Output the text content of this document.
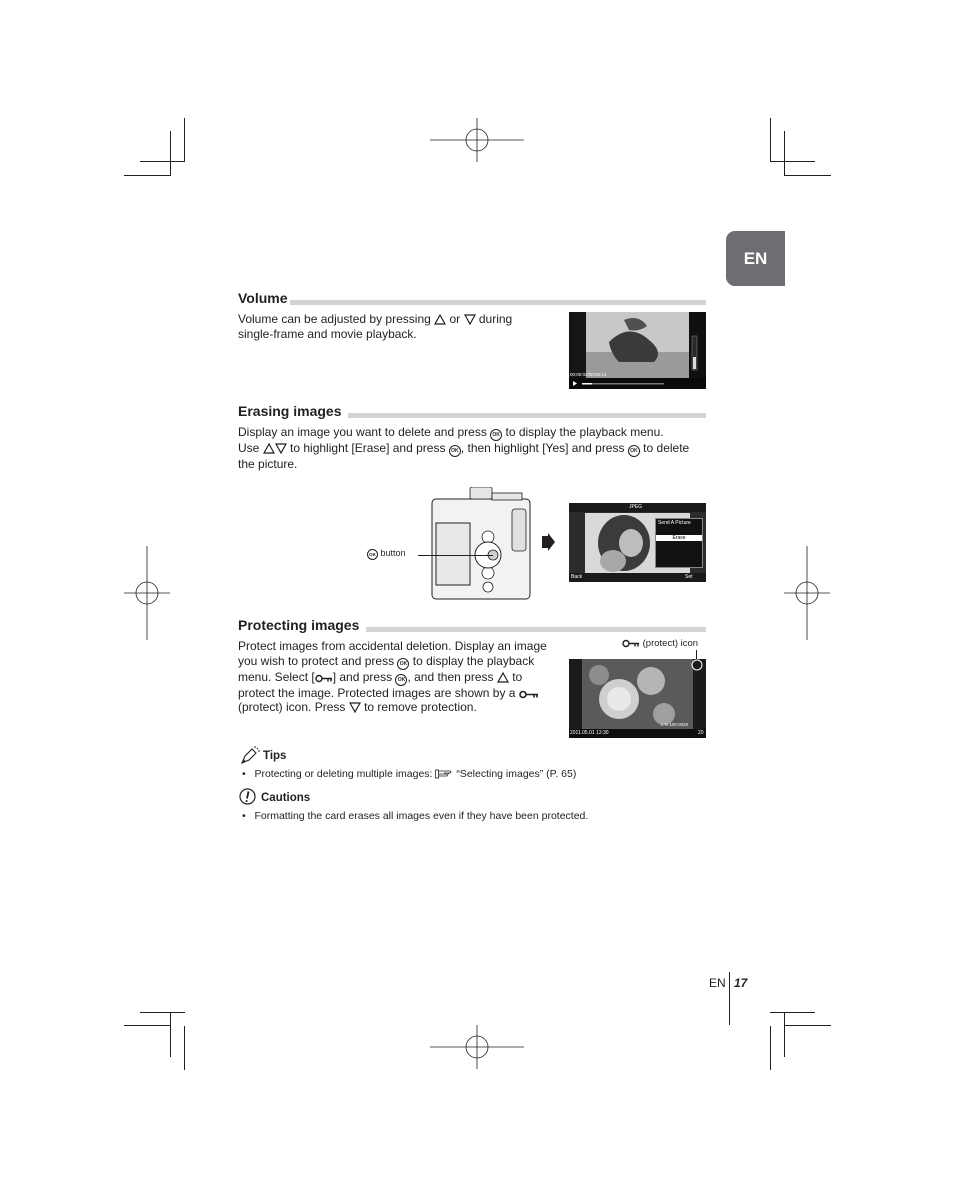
EN
Volume
Volume can be adjusted by pressing or during
single-frame and movie playback.
00:00:02/00:00:14
Erasing images
Display an image you want to delete and press OK to display the playback menu.
Use	to highlight [Erase] and press OK , then highlight [Yes] and press OK to delete
the picture.
OK button
JPEG
Send A Picture
Erase
Back	Set
Protecting images
(protect) icon
Protect images from accidental deletion. Display an image
you wish to protect and press OK to display the playback
menu. Select [ ] and press OK , and then press to
protect the image. Protected images are shown by a
(protect) icon. Press to remove protection.
L N 100-0020
2011.05.01 12:30	20
Tips
• Protecting or deleting multiple images: “Selecting images” (P. 65)
Cautions
• Formatting the card erases all images even if they have been protected.
EN 17
